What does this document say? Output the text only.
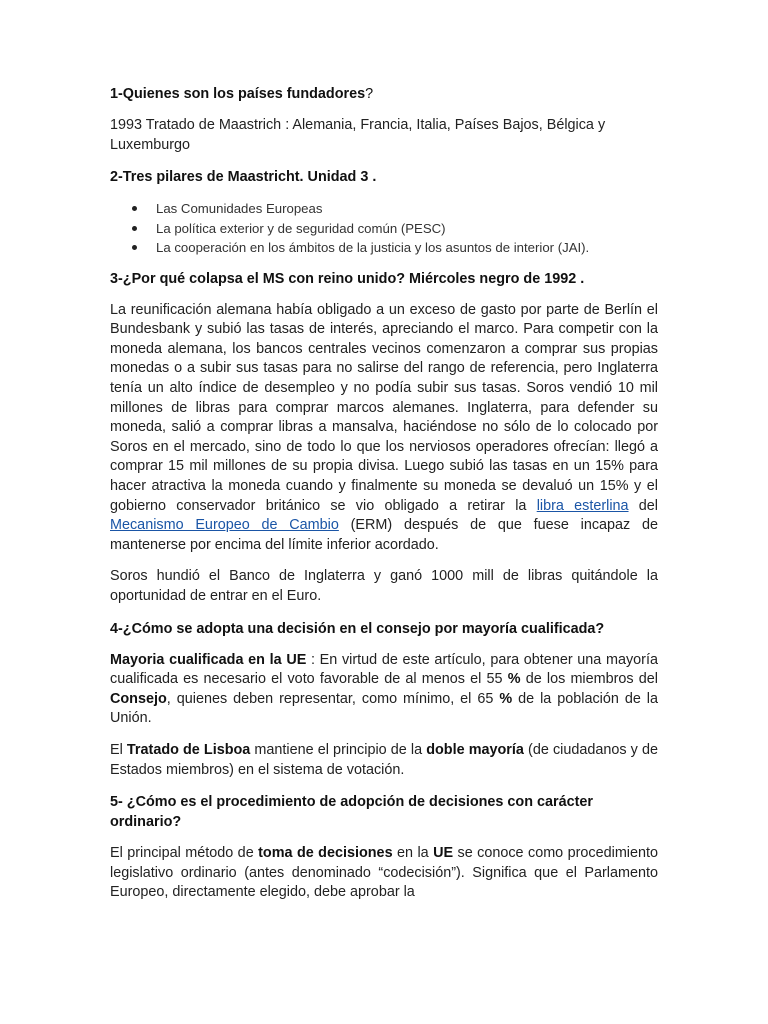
1-Quienes son los países fundadores?
1993 Tratado de Maastrich : Alemania, Francia, Italia, Países Bajos, Bélgica y Luxemburgo
2-Tres pilares de Maastricht. Unidad 3 .
Las Comunidades Europeas
La política exterior y de seguridad común (PESC)
La cooperación en los ámbitos de la justicia y los asuntos de interior (JAI).
3-¿Por qué colapsa el MS con reino unido? Miércoles negro de 1992 .
La reunificación alemana había obligado a un exceso de gasto por parte de Berlín el Bundesbank y subió las tasas de interés, apreciando el marco. Para competir con la moneda alemana, los bancos centrales vecinos comenzaron a comprar sus propias monedas o a subir sus tasas para no salirse del rango de referencia, pero Inglaterra tenía un alto índice de desempleo y no podía subir sus tasas. Soros vendió 10 mil millones de libras para comprar marcos alemanes. Inglaterra, para defender su moneda, salió a comprar libras a mansalva, haciéndose no sólo de lo colocado por Soros en el mercado, sino de todo lo que los nerviosos operadores ofrecían: llegó a comprar 15 mil millones de su propia divisa. Luego subió las tasas en un 15% para hacer atractiva la moneda cuando y finalmente su moneda se devaluó un 15% y el gobierno conservador británico se vio obligado a retirar la libra esterlina del Mecanismo Europeo de Cambio (ERM) después de que fuese incapaz de mantenerse por encima del límite inferior acordado.
Soros hundió el Banco de Inglaterra y ganó 1000 mill de libras quitándole la oportunidad de entrar en el Euro.
4-¿Cómo se adopta una decisión en el consejo por mayoría cualificada?
Mayoria cualificada en la UE : En virtud de este artículo, para obtener una mayoría cualificada es necesario el voto favorable de al menos el 55 % de los miembros del Consejo, quienes deben representar, como mínimo, el 65 % de la población de la Unión.
El Tratado de Lisboa mantiene el principio de la doble mayoría (de ciudadanos y de Estados miembros) en el sistema de votación.
5- ¿Cómo es el procedimiento de adopción de decisiones con carácter ordinario?
El principal método de toma de decisiones en la UE se conoce como procedimiento legislativo ordinario (antes denominado “codecisión”). Significa que el Parlamento Europeo, directamente elegido, debe aprobar la
